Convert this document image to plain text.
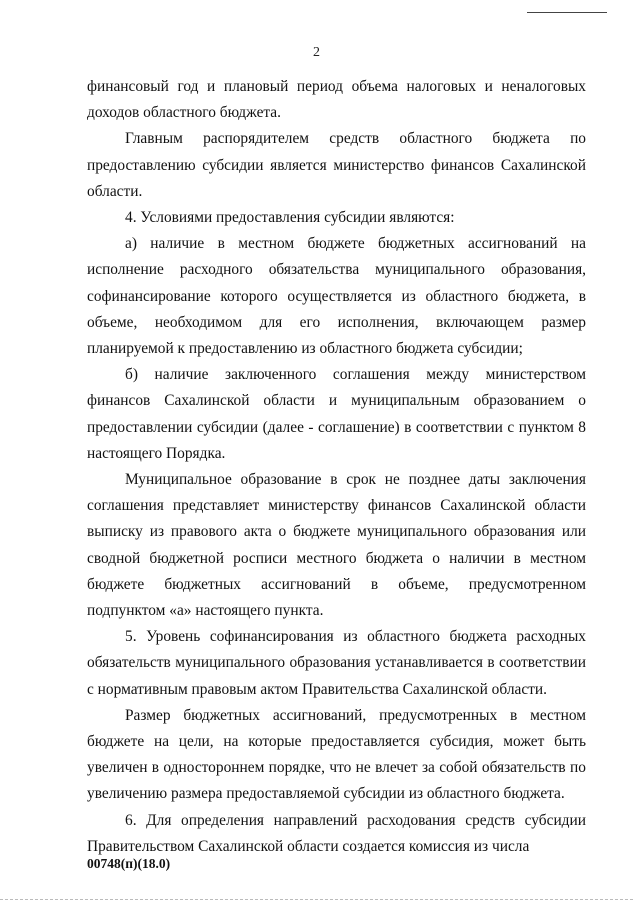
2

финансовый год и плановый период объема налоговых и неналоговых доходов областного бюджета.

Главным распорядителем средств областного бюджета по предоставлению субсидии является министерство финансов Сахалинской области.

4. Условиями предоставления субсидии являются:

а) наличие в местном бюджете бюджетных ассигнований на исполнение расходного обязательства муниципального образования, софинансирование которого осуществляется из областного бюджета, в объеме, необходимом для его исполнения, включающем размер планируемой к предоставлению из областного бюджета субсидии;

б) наличие заключенного соглашения между министерством финансов Сахалинской области и муниципальным образованием о предоставлении субсидии (далее - соглашение) в соответствии с пунктом 8 настоящего Порядка.

Муниципальное образование в срок не позднее даты заключения соглашения представляет министерству финансов Сахалинской области выписку из правового акта о бюджете муниципального образования или сводной бюджетной росписи местного бюджета о наличии в местном бюджете бюджетных ассигнований в объеме, предусмотренном подпунктом «а» настоящего пункта.

5. Уровень софинансирования из областного бюджета расходных обязательств муниципального образования устанавливается в соответствии с нормативным правовым актом Правительства Сахалинской области.

Размер бюджетных ассигнований, предусмотренных в местном бюджете на цели, на которые предоставляется субсидия, может быть увеличен в одностороннем порядке, что не влечет за собой обязательств по увеличению размера предоставляемой субсидии из областного бюджета.

6. Для определения направлений расходования средств субсидии Правительством Сахалинской области создается комиссия из числа

00748(п)(18.0)
